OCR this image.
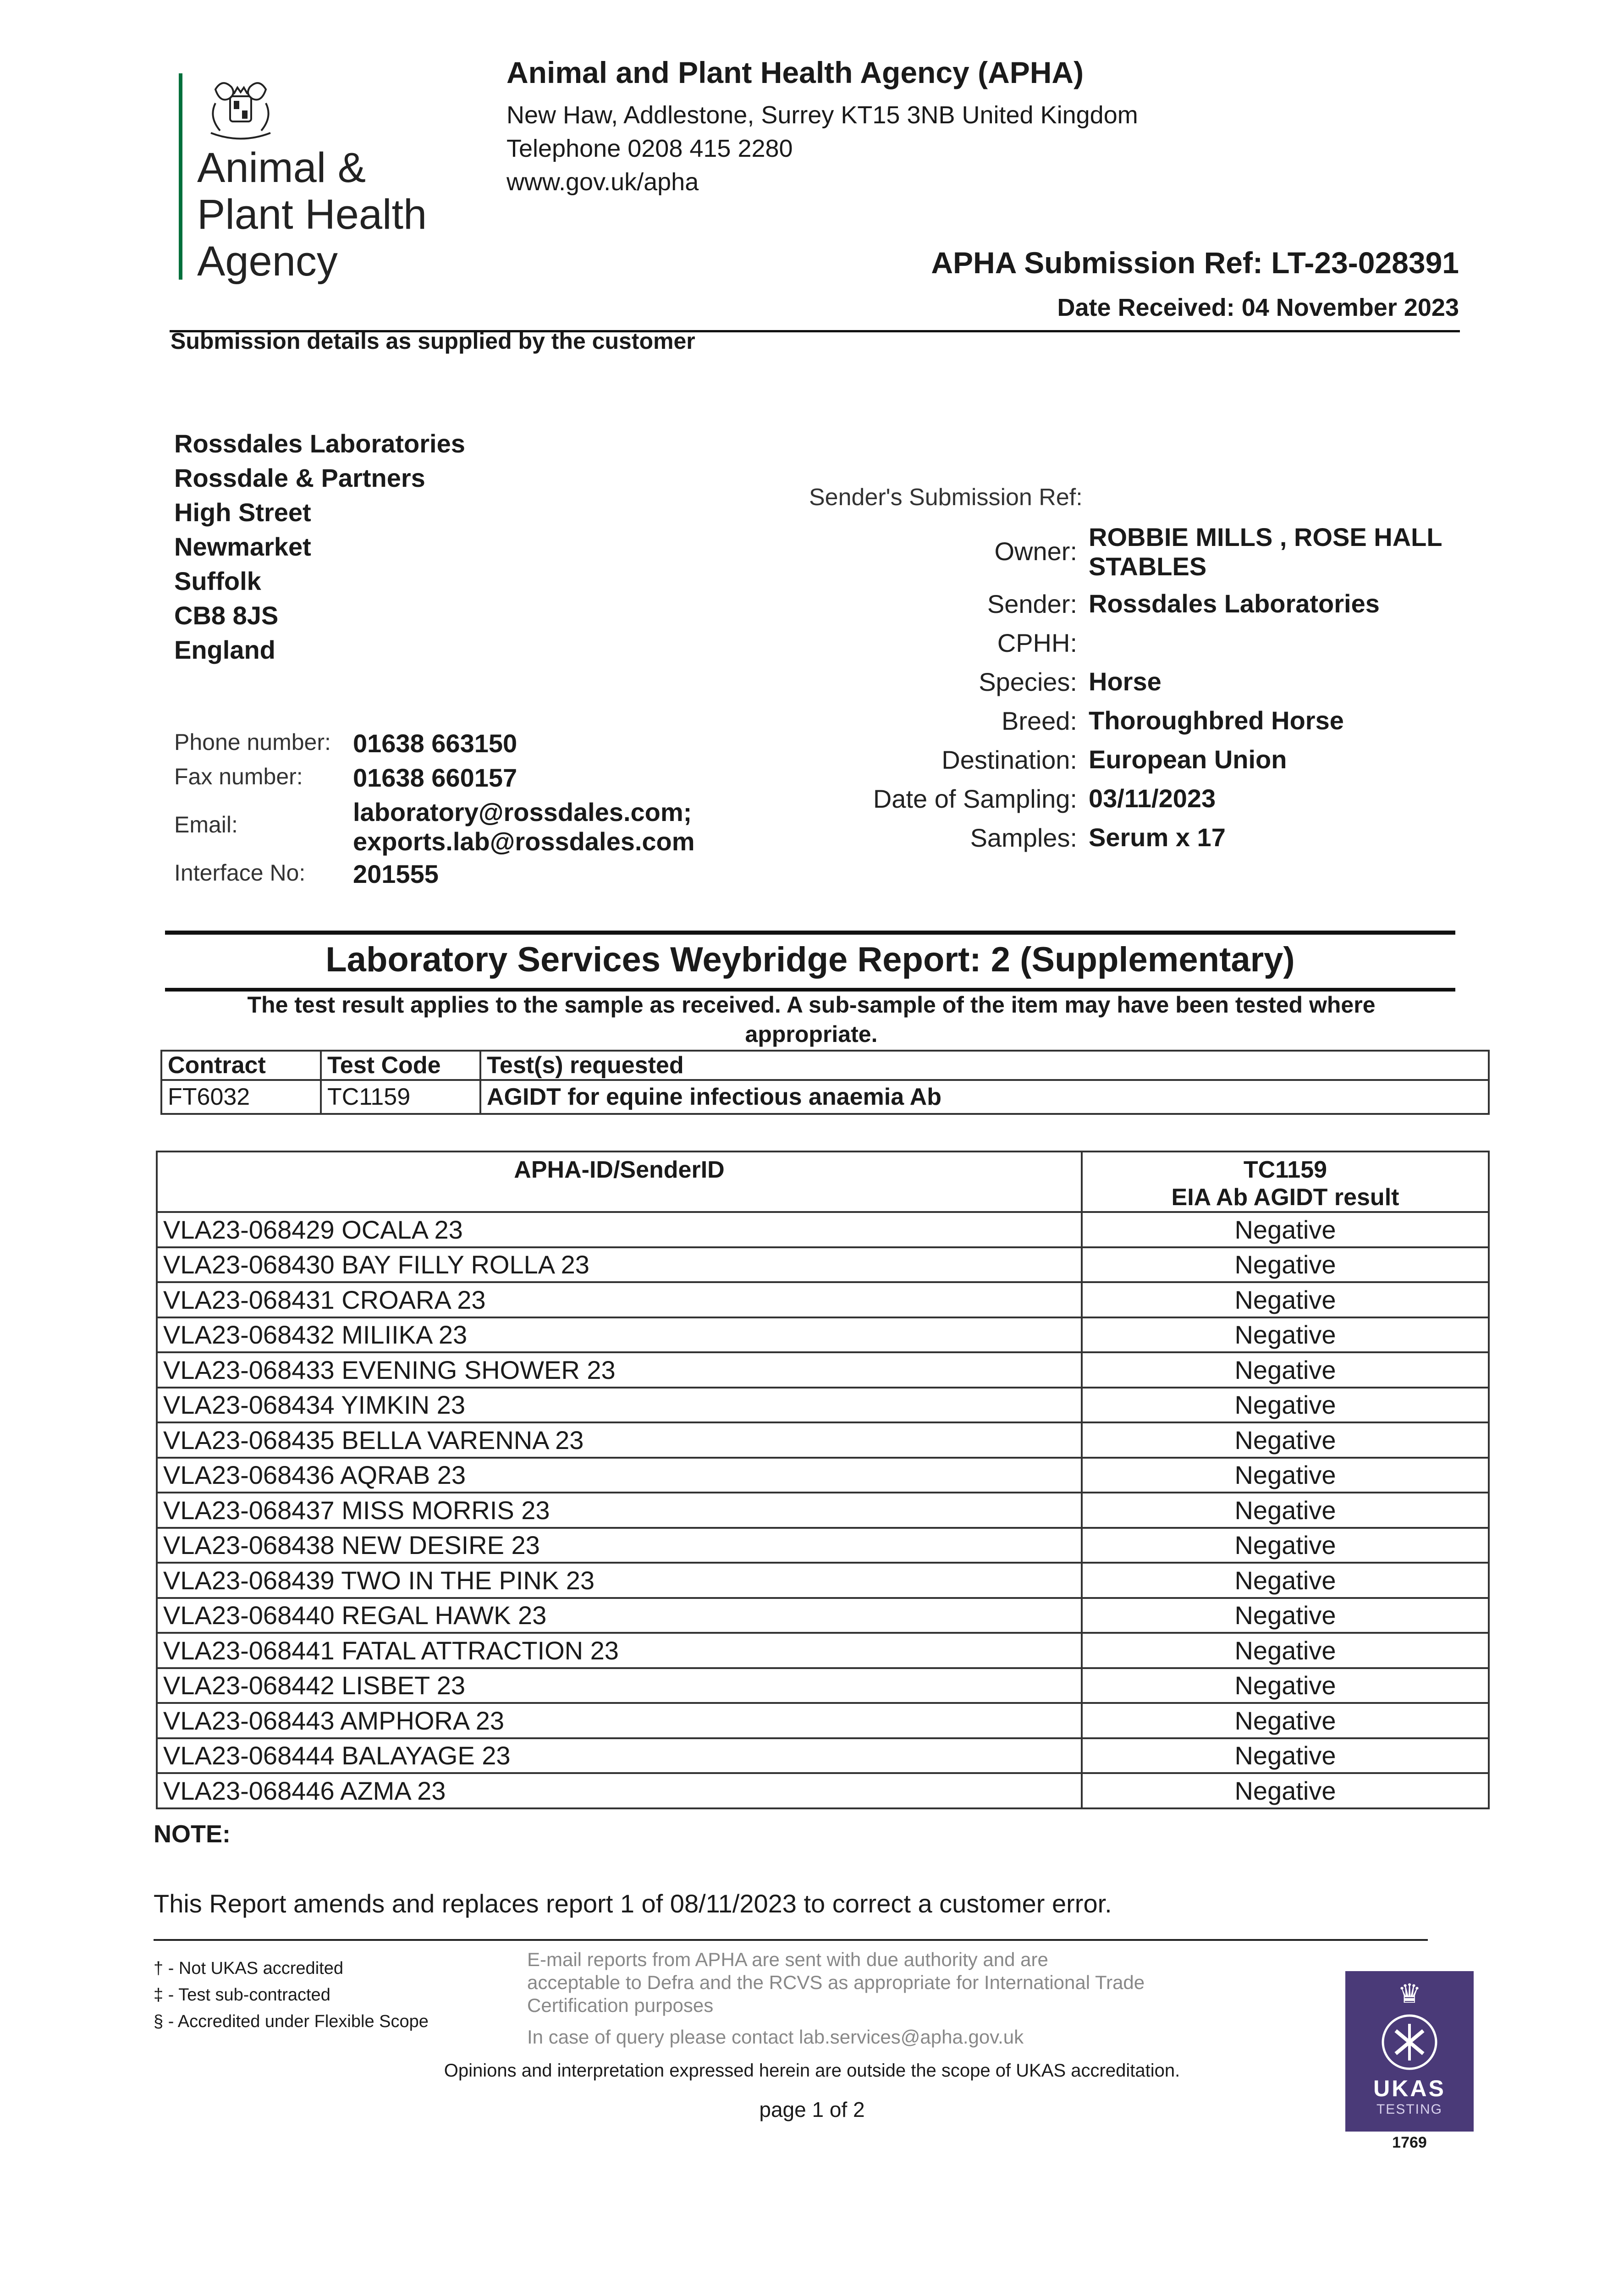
Animal &
Plant Health
Agency
Animal and Plant Health Agency (APHA)
New Haw, Addlestone, Surrey KT15 3NB United Kingdom
Telephone 0208 415 2280
www.gov.uk/apha
APHA Submission Ref: LT-23-028391
Date Received: 04 November 2023
Submission details as supplied by the customer
Rossdales Laboratories
Rossdale & Partners
High Street
Newmarket
Suffolk
CB8 8JS
England
Phone number: 01638 663150
Fax number: 01638 660157
Email:	laboratory@rossdales.com;
exports.lab@rossdales.com
Interface No: 201555
Sender's Submission Ref:
Owner: ROBBIE MILLS , ROSE HALL
STABLES
Sender: Rossdales Laboratories
CPHH:
Species: Horse
Breed: Thoroughbred Horse
Destination: European Union
Date of Sampling: 03/11/2023
Samples: Serum x 17
Laboratory Services Weybridge Report: 2 (Supplementary)
The test result applies to the sample as received. A sub-sample of the item may have been tested where
appropriate.
Contract	Test Code	Test(s) requested
FT6032	TC1159	AGIDT for equine infectious anaemia Ab
APHA-ID/SenderID	TC1159
EIA Ab AGIDT result

VLA23-068429 OCALA 23	Negative
VLA23-068430 BAY FILLY ROLLA 23	Negative
VLA23-068431 CROARA 23	Negative
VLA23-068432 MILIIKA 23	Negative
VLA23-068433 EVENING SHOWER 23	Negative
VLA23-068434 YIMKIN 23	Negative
VLA23-068435 BELLA VARENNA 23	Negative
VLA23-068436 AQRAB 23	Negative
VLA23-068437 MISS MORRIS 23	Negative
VLA23-068438 NEW DESIRE 23	Negative
VLA23-068439 TWO IN THE PINK 23	Negative
VLA23-068440 REGAL HAWK 23	Negative
VLA23-068441 FATAL ATTRACTION 23	Negative
VLA23-068442 LISBET 23	Negative
VLA23-068443 AMPHORA 23	Negative
VLA23-068444 BALAYAGE 23	Negative
VLA23-068446 AZMA 23	Negative
NOTE:
This Report amends and replaces report 1 of 08/11/2023 to correct a customer error.
† - Not UKAS accredited
‡ - Test sub-contracted
§ - Accredited under Flexible Scope
E-mail reports from APHA are sent with due authority and are
acceptable to Defra and the RCVS as appropriate for International Trade
Certification purposes
In case of query please contact lab.services@apha.gov.uk
Opinions and interpretation expressed herein are outside the scope of UKAS accreditation.
page 1 of 2
♛
UKAS
TESTING
1769
